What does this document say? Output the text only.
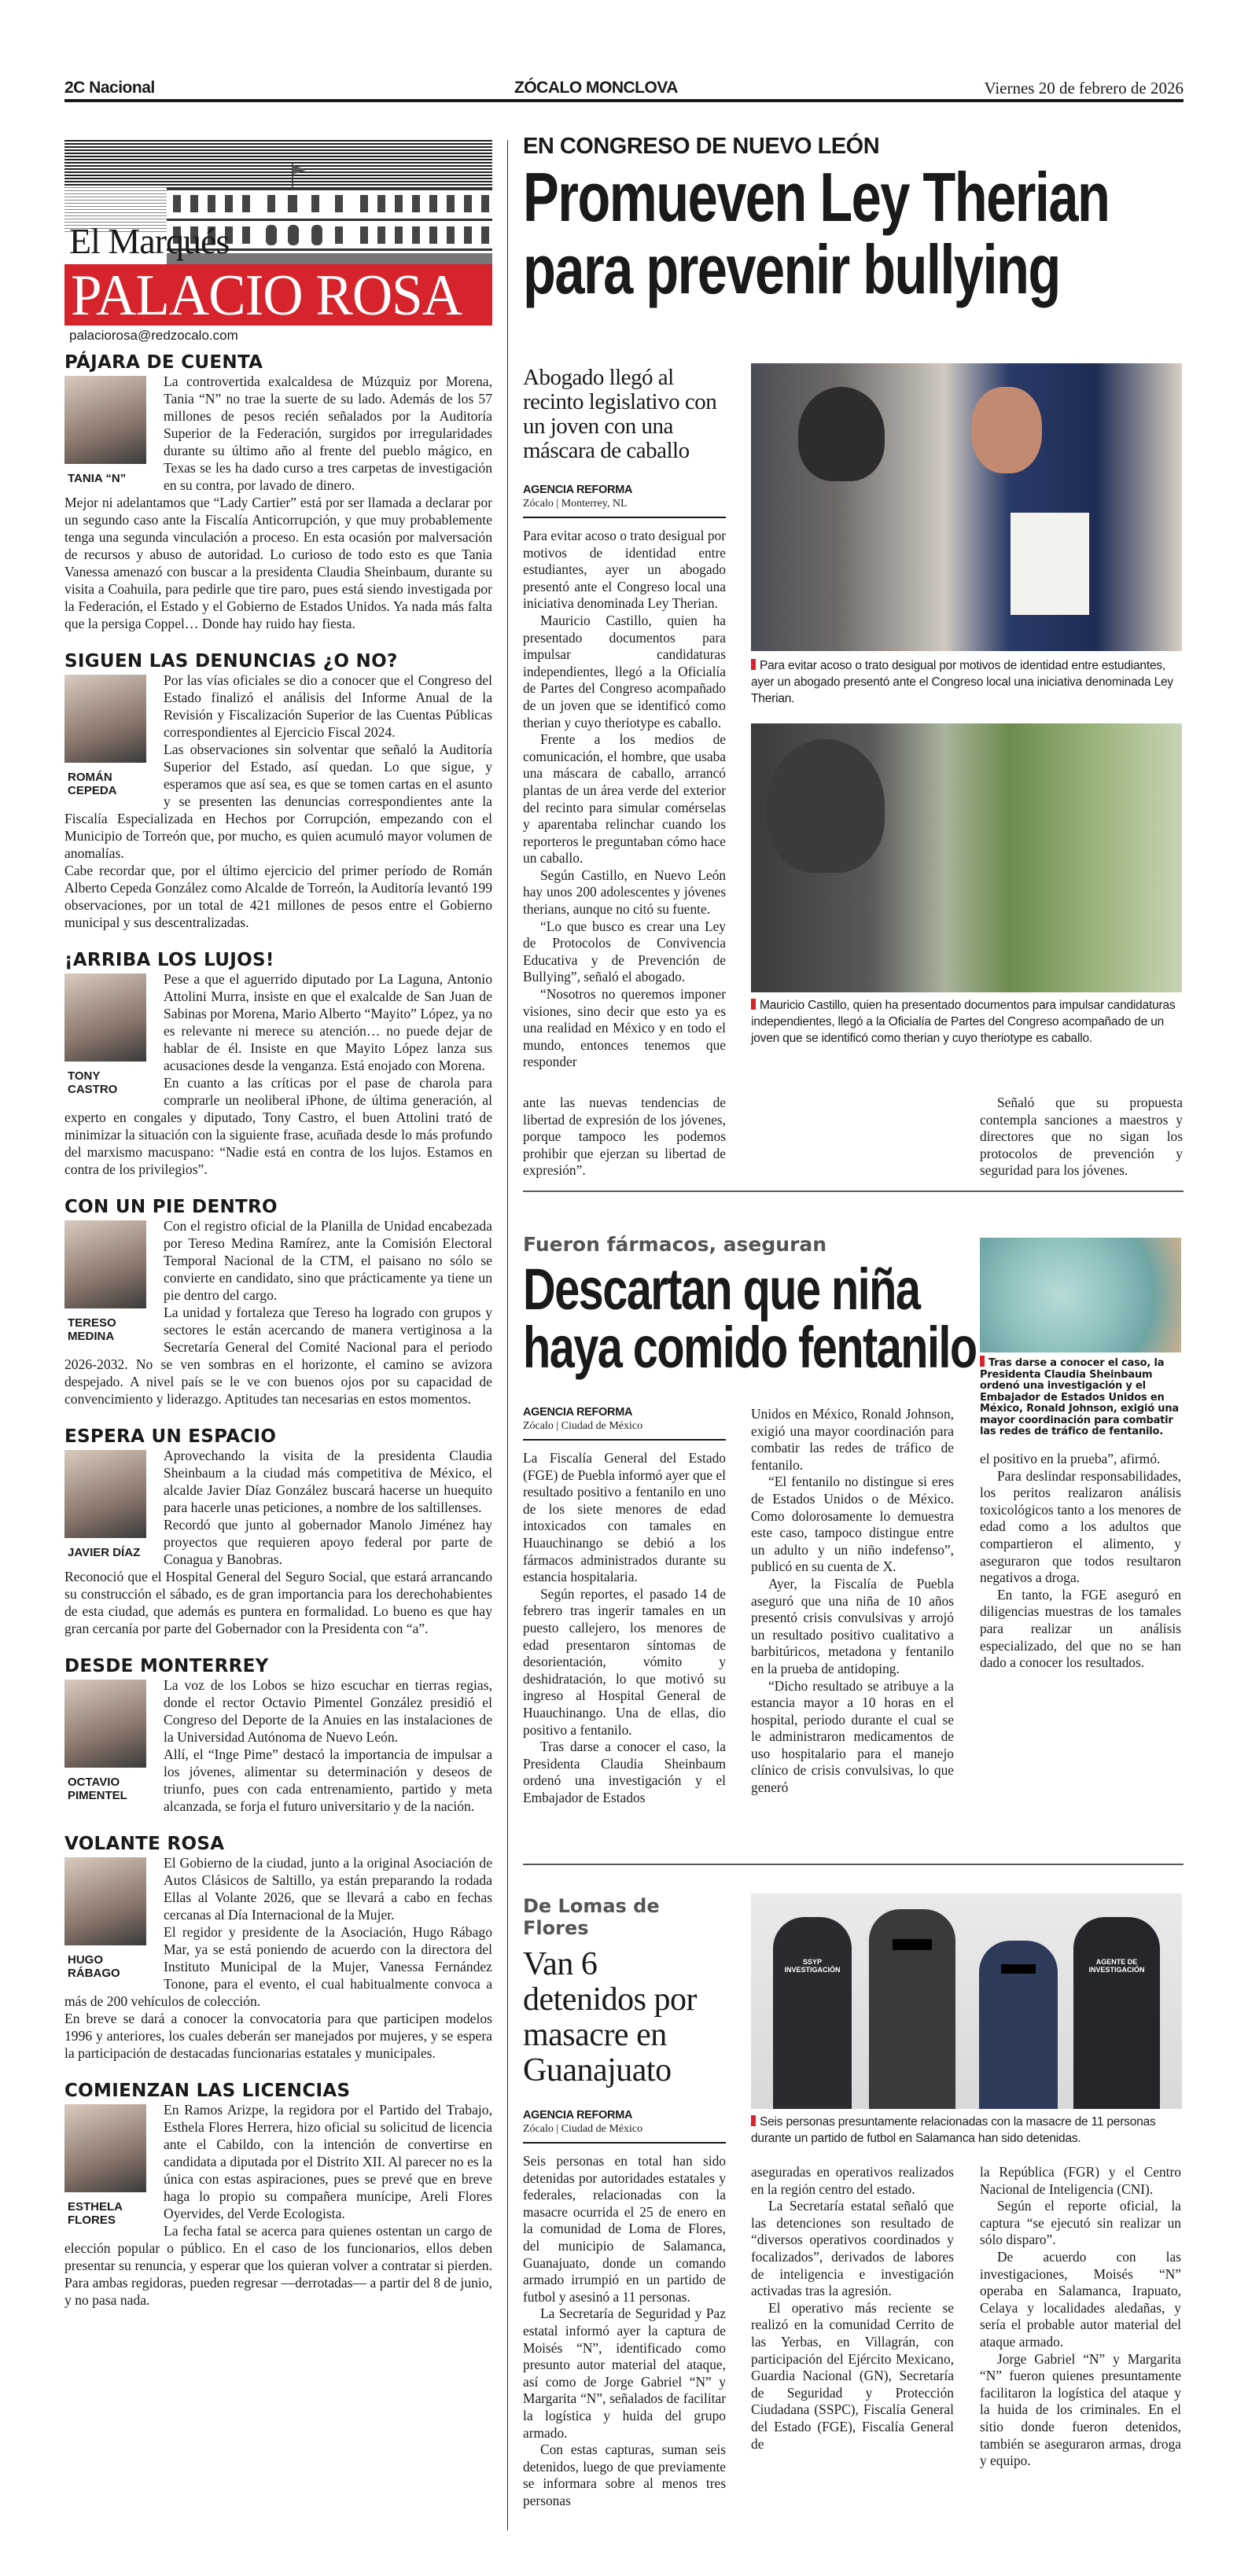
2C Nacional	ZÓCALO MONCLOVA	Viernes 20 de febrero de 2026
El Marqués
PALACIO ROSA
palaciorosa@redzocalo.com
PÁJARA DE CUENTA
TANIA “N”

La controvertida exalcaldesa de Múzquiz por Morena, Tania “N” no trae la suerte de su lado. Además de los 57 millones de pesos recién señalados por la Auditoría Superior de la Federación, surgidos por irregularidades durante su último año al frente del pueblo mágico, en Texas se les ha dado curso a tres carpetas de investigación en su contra, por lavado de dinero.

Mejor ni adelantamos que “Lady Cartier” está por ser llamada a declarar por un segundo caso ante la Fiscalía Anticorrupción, y que muy probablemente tenga una segunda vinculación a proceso. En esta ocasión por malversación de recursos y abuso de autoridad. Lo curioso de todo esto es que Tania Vanessa amenazó con buscar a la presidenta Claudia Sheinbaum, durante su visita a Coahuila, para pedirle que tire paro, pues está siendo investigada por la Federación, el Estado y el Gobierno de Estados Unidos. Ya nada más falta que la persiga Coppel… Donde hay ruido hay fiesta.

SIGUEN LAS DENUNCIAS ¿O NO?
ROMÁN CEPEDA

Por las vías oficiales se dio a conocer que el Congreso del Estado finalizó el análisis del Informe Anual de la Revisión y Fiscalización Superior de las Cuentas Públicas correspondientes al Ejercicio Fiscal 2024.

Las observaciones sin solventar que señaló la Auditoría Superior del Estado, así quedan. Lo que sigue, y esperamos que así sea, es que se tomen cartas en el asunto y se presenten las denuncias correspondientes ante la Fiscalía Especializada en Hechos por Corrupción, empezando con el Municipio de Torreón que, por mucho, es quien acumuló mayor volumen de anomalías.

Cabe recordar que, por el último ejercicio del primer período de Román Alberto Cepeda González como Alcalde de Torreón, la Auditoría levantó 199 observaciones, por un total de 421 millones de pesos entre el Gobierno municipal y sus descentralizadas.

¡ARRIBA LOS LUJOS!
TONY CASTRO

Pese a que el aguerrido diputado por La Laguna, Antonio Attolini Murra, insiste en que el exalcalde de San Juan de Sabinas por Morena, Mario Alberto “Mayito” López, ya no es relevante ni merece su atención… no puede dejar de hablar de él. Insiste en que Mayito López lanza sus acusaciones desde la venganza. Está enojado con Morena.

En cuanto a las críticas por el pase de charola para comprarle un neoliberal iPhone, de última generación, al experto en congales y diputado, Tony Castro, el buen Attolini trató de minimizar la situación con la siguiente frase, acuñada desde lo más profundo del marxismo macuspano: “Nadie está en contra de los lujos. Estamos en contra de los privilegios”.

CON UN PIE DENTRO
TERESO MEDINA

Con el registro oficial de la Planilla de Unidad encabezada por Tereso Medina Ramírez, ante la Comisión Electoral Temporal Nacional de la CTM, el paisano no sólo se convierte en candidato, sino que prácticamente ya tiene un pie dentro del cargo.

La unidad y fortaleza que Tereso ha logrado con grupos y sectores le están acercando de manera vertiginosa a la Secretaría General del Comité Nacional para el periodo 2026-2032. No se ven sombras en el horizonte, el camino se avizora despejado. A nivel país se le ve con buenos ojos por su capacidad de convencimiento y liderazgo. Aptitudes tan necesarias en estos momentos.

ESPERA UN ESPACIO
JAVIER DÍAZ

Aprovechando la visita de la presidenta Claudia Sheinbaum a la ciudad más competitiva de México, el alcalde Javier Díaz González buscará hacerse un huequito para hacerle unas peticiones, a nombre de los saltillenses.

Recordó que junto al gobernador Manolo Jiménez hay proyectos que requieren apoyo federal por parte de Conagua y Banobras.

Reconoció que el Hospital General del Seguro Social, que estará arrancando su construcción el sábado, es de gran importancia para los derechohabientes de esta ciudad, que además es puntera en formalidad. Lo bueno es que hay gran cercanía por parte del Gobernador con la Presidenta con “a”.

DESDE MONTERREY
OCTAVIO PIMENTEL

La voz de los Lobos se hizo escuchar en tierras regias, donde el rector Octavio Pimentel González presidió el Congreso del Deporte de la Anuies en las instalaciones de la Universidad Autónoma de Nuevo León.

Allí, el “Inge Pime” destacó la importancia de impulsar a los jóvenes, alimentar su determinación y deseos de triunfo, pues con cada entrenamiento, partido y meta alcanzada, se forja el futuro universitario y de la nación.

VOLANTE ROSA
HUGO RÁBAGO

El Gobierno de la ciudad, junto a la original Asociación de Autos Clásicos de Saltillo, ya están preparando la rodada Ellas al Volante 2026, que se llevará a cabo en fechas cercanas al Día Internacional de la Mujer.

El regidor y presidente de la Asociación, Hugo Rábago Mar, ya se está poniendo de acuerdo con la directora del Instituto Municipal de la Mujer, Vanessa Fernández Tonone, para el evento, el cual habitualmente convoca a más de 200 vehículos de colección.

En breve se dará a conocer la convocatoria para que participen modelos 1996 y anteriores, los cuales deberán ser manejados por mujeres, y se espera la participación de destacadas funcionarias estatales y municipales.

COMIENZAN LAS LICENCIAS
ESTHELA FLORES

En Ramos Arizpe, la regidora por el Partido del Trabajo, Esthela Flores Herrera, hizo oficial su solicitud de licencia ante el Cabildo, con la intención de convertirse en candidata a diputada por el Distrito XII. Al parecer no es la única con estas aspiraciones, pues se prevé que en breve haga lo propio su compañera munícipe, Areli Flores Oyervides, del Verde Ecologista.

La fecha fatal se acerca para quienes ostentan un cargo de elección popular o público. En el caso de los funcionarios, ellos deben presentar su renuncia, y esperar que los quieran volver a contratar si pierden. Para ambas regidoras, pueden regresar —derrotadas— a partir del 8 de junio, y no pasa nada.

EN CONGRESO DE NUEVO LEÓN
Promueven Ley Therian
para prevenir bullying
Abogado llegó al recinto legislativo con un joven con una máscara de caballo
AGENCIA REFORMA
Zócalo | Monterrey, NL

Para evitar acoso o trato desigual por motivos de identidad entre estudiantes, ayer un abogado presentó ante el Congreso local una iniciativa denominada Ley Therian.

Mauricio Castillo, quien ha presentado documentos para impulsar candidaturas independientes, llegó a la Oficialía de Partes del Congreso acompañado de un joven que se identificó como therian y cuyo theriotype es caballo.

Frente a los medios de comunicación, el hombre, que usaba una máscara de caballo, arrancó plantas de un área verde del exterior del recinto para simular comérselas y aparentaba relinchar cuando los reporteros le preguntaban cómo hace un caballo.

Según Castillo, en Nuevo León hay unos 200 adolescentes y jóvenes therians, aunque no citó su fuente.

“Lo que busco es crear una Ley de Protocolos de Convivencia Educativa y de Prevención de Bullying”, señaló el abogado.

“Nosotros no queremos imponer visiones, sino decir que esto ya es una realidad en México y en todo el mundo, entonces tenemos que responder

Para evitar acoso o trato desigual por motivos de identidad entre estudiantes, ayer un abogado presentó ante el Congreso local una iniciativa denominada Ley Therian.
Mauricio Castillo, quien ha presentado documentos para impulsar candidaturas independientes, llegó a la Oficialía de Partes del Congreso acompañado de un joven que se identificó como therian y cuyo theriotype es caballo.

ante las nuevas tendencias de libertad de expresión de los jóvenes, porque tampoco les podemos prohibir que ejerzan su libertad de expresión”.

Señaló que su propuesta contempla sanciones a maestros y directores que no sigan los protocolos de prevención y seguridad para los jóvenes.

Fueron fármacos, aseguran
Descartan que niña
haya comido fentanilo
AGENCIA REFORMA
Zócalo | Ciudad de México

La Fiscalía General del Estado (FGE) de Puebla informó ayer que el resultado positivo a fentanilo en uno de los siete menores de edad intoxicados con tamales en Huauchinango se debió a los fármacos administrados durante su estancia hospitalaria.

Según reportes, el pasado 14 de febrero tras ingerir tamales en un puesto callejero, los menores de edad presentaron síntomas de desorientación, vómito y deshidratación, lo que motivó su ingreso al Hospital General de Huauchinango. Una de ellas, dio positivo a fentanilo.

Tras darse a conocer el caso, la Presidenta Claudia Sheinbaum ordenó una investigación y el Embajador de Estados

Unidos en México, Ronald Johnson, exigió una mayor coordinación para combatir las redes de tráfico de fentanilo.

“El fentanilo no distingue si eres de Estados Unidos o de México. Como dolorosamente lo demuestra este caso, tampoco distingue entre un adulto y un niño indefenso”, publicó en su cuenta de X.

Ayer, la Fiscalía de Puebla aseguró que una niña de 10 años presentó crisis convulsivas y arrojó un resultado positivo cualitativo a barbitúricos, metadona y fentanilo en la prueba de antidoping.

“Dicho resultado se atribuye a la estancia mayor a 10 horas en el hospital, periodo durante el cual se le administraron medicamentos de uso hospitalario para el manejo clínico de crisis convulsivas, lo que generó

Tras darse a conocer el caso, la Presidenta Claudia Sheinbaum ordenó una investigación y el Embajador de Estados Unidos en México, Ronald Johnson, exigió una mayor coordinación para combatir las redes de tráfico de fentanilo.

el positivo en la prueba”, afirmó.

Para deslindar responsabilidades, los peritos realizaron análisis toxicológicos tanto a los menores de edad como a los adultos que compartieron el alimento, y aseguraron que todos resultaron negativos a droga.

En tanto, la FGE aseguró en diligencias muestras de los tamales para realizar un análisis especializado, del que no se han dado a conocer los resultados.

De Lomas de Flores
Van 6 detenidos por masacre en Guanajuato
AGENCIA REFORMA
Zócalo | Ciudad de México

Seis personas en total han sido detenidas por autoridades estatales y federales, relacionadas con la masacre ocurrida el 25 de enero en la comunidad de Loma de Flores, del municipio de Salamanca, Guanajuato, donde un comando armado irrumpió en un partido de futbol y asesinó a 11 personas.

La Secretaría de Seguridad y Paz estatal informó ayer la captura de Moisés “N”, identificado como presunto autor material del ataque, así como de Jorge Gabriel “N” y Margarita “N”, señalados de facilitar la logística y huida del grupo armado.

Con estas capturas, suman seis detenidos, luego de que previamente se informara sobre al menos tres personas

SSYP INVESTIGACIÓN
AGENTE DE INVESTIGACIÓN
Seis personas presuntamente relacionadas con la masacre de 11 personas durante un partido de futbol en Salamanca han sido detenidas.

aseguradas en operativos realizados en la región centro del estado.

La Secretaría estatal señaló que las detenciones son resultado de “diversos operativos coordinados y focalizados”, derivados de labores de inteligencia e investigación activadas tras la agresión.

El operativo más reciente se realizó en la comunidad Cerrito de las Yerbas, en Villagrán, con participación del Ejército Mexicano, Guardia Nacional (GN), Secretaría de Seguridad y Protección Ciudadana (SSPC), Fiscalía General del Estado (FGE), Fiscalía General de

la República (FGR) y el Centro Nacional de Inteligencia (CNI).

Según el reporte oficial, la captura “se ejecutó sin realizar un sólo disparo”.

De acuerdo con las investigaciones, Moisés “N” operaba en Salamanca, Irapuato, Celaya y localidades aledañas, y sería el probable autor material del ataque armado.

Jorge Gabriel “N” y Margarita “N” fueron quienes presuntamente facilitaron la logística del ataque y la huida de los criminales. En el sitio donde fueron detenidos, también se aseguraron armas, droga y equipo.
